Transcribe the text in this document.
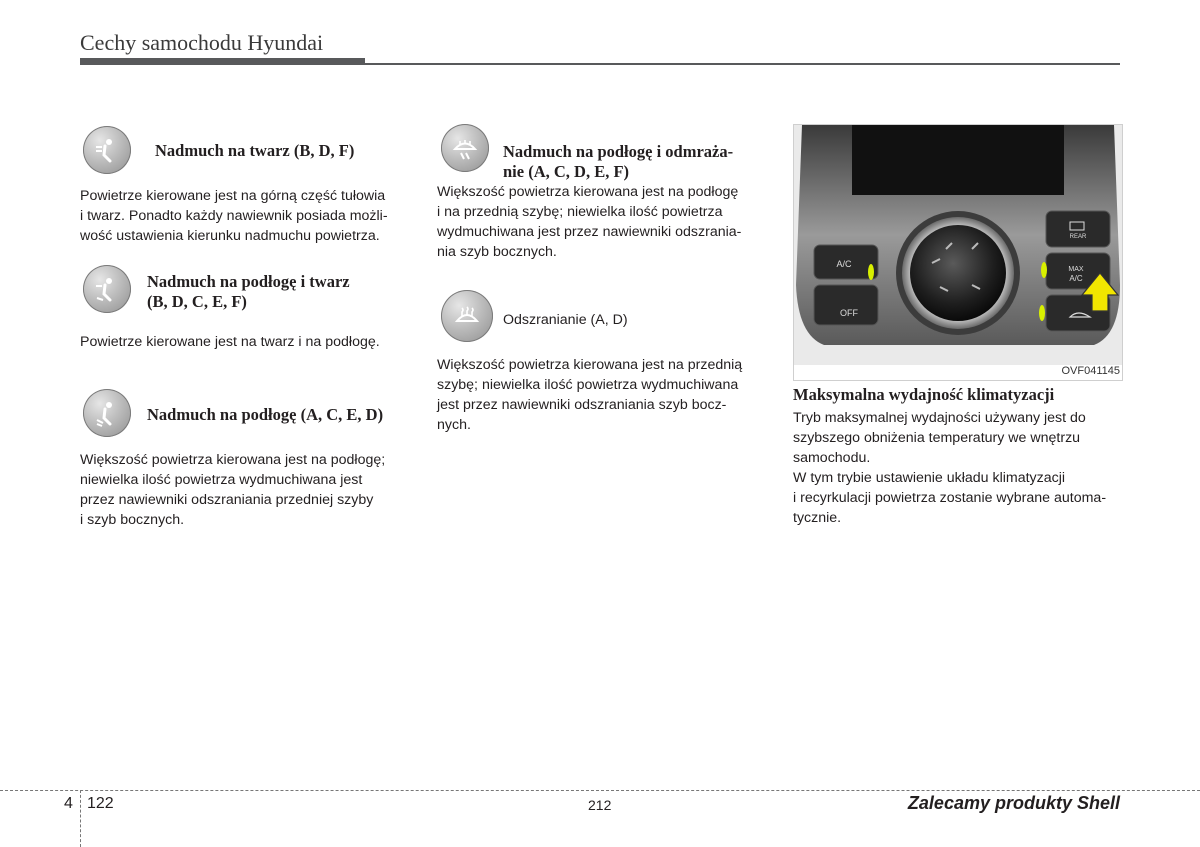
Cechy samochodu Hyundai
Nadmuch na twarz (B, D, F)
Powietrze kierowane jest na górną część tułowia
i twarz. Ponadto każdy nawiewnik posiada możli-
wość ustawienia kierunku nadmuchu powietrza.
Nadmuch na podłogę i twarz
(B, D, C, E, F)
Powietrze kierowane jest na twarz i na podłogę.
Nadmuch na podłogę (A, C, E, D)
Większość powietrza kierowana jest na podłogę;
niewielka ilość powietrza wydmuchiwana jest
przez nawiewniki odszraniania przedniej szyby
i szyb bocznych.
Nadmuch na podłogę i odmraża-
nie (A, C, D, E, F)
Większość powietrza kierowana jest na podłogę
i na przednią szybę; niewielka ilość powietrza
wydmuchiwana jest przez nawiewniki odszrania-
nia szyb bocznych.
Odszranianie (A, D)
Większość powietrza kierowana jest na przednią
szybę; niewielka ilość powietrza wydmuchiwana
jest przez nawiewniki odszraniania szyb bocz-
nych.
A/C
OFF
REAR
MAX
A/C
OVF041145
Maksymalna wydajność klimatyzacji
Tryb maksymalnej wydajności używany jest do
szybszego obniżenia temperatury we wnętrzu
samochodu.
W tym trybie ustawienie układu klimatyzacji
i recyrkulacji powietrza zostanie wybrane automa-
tycznie.
4 122	212	Zalecamy produkty Shell
